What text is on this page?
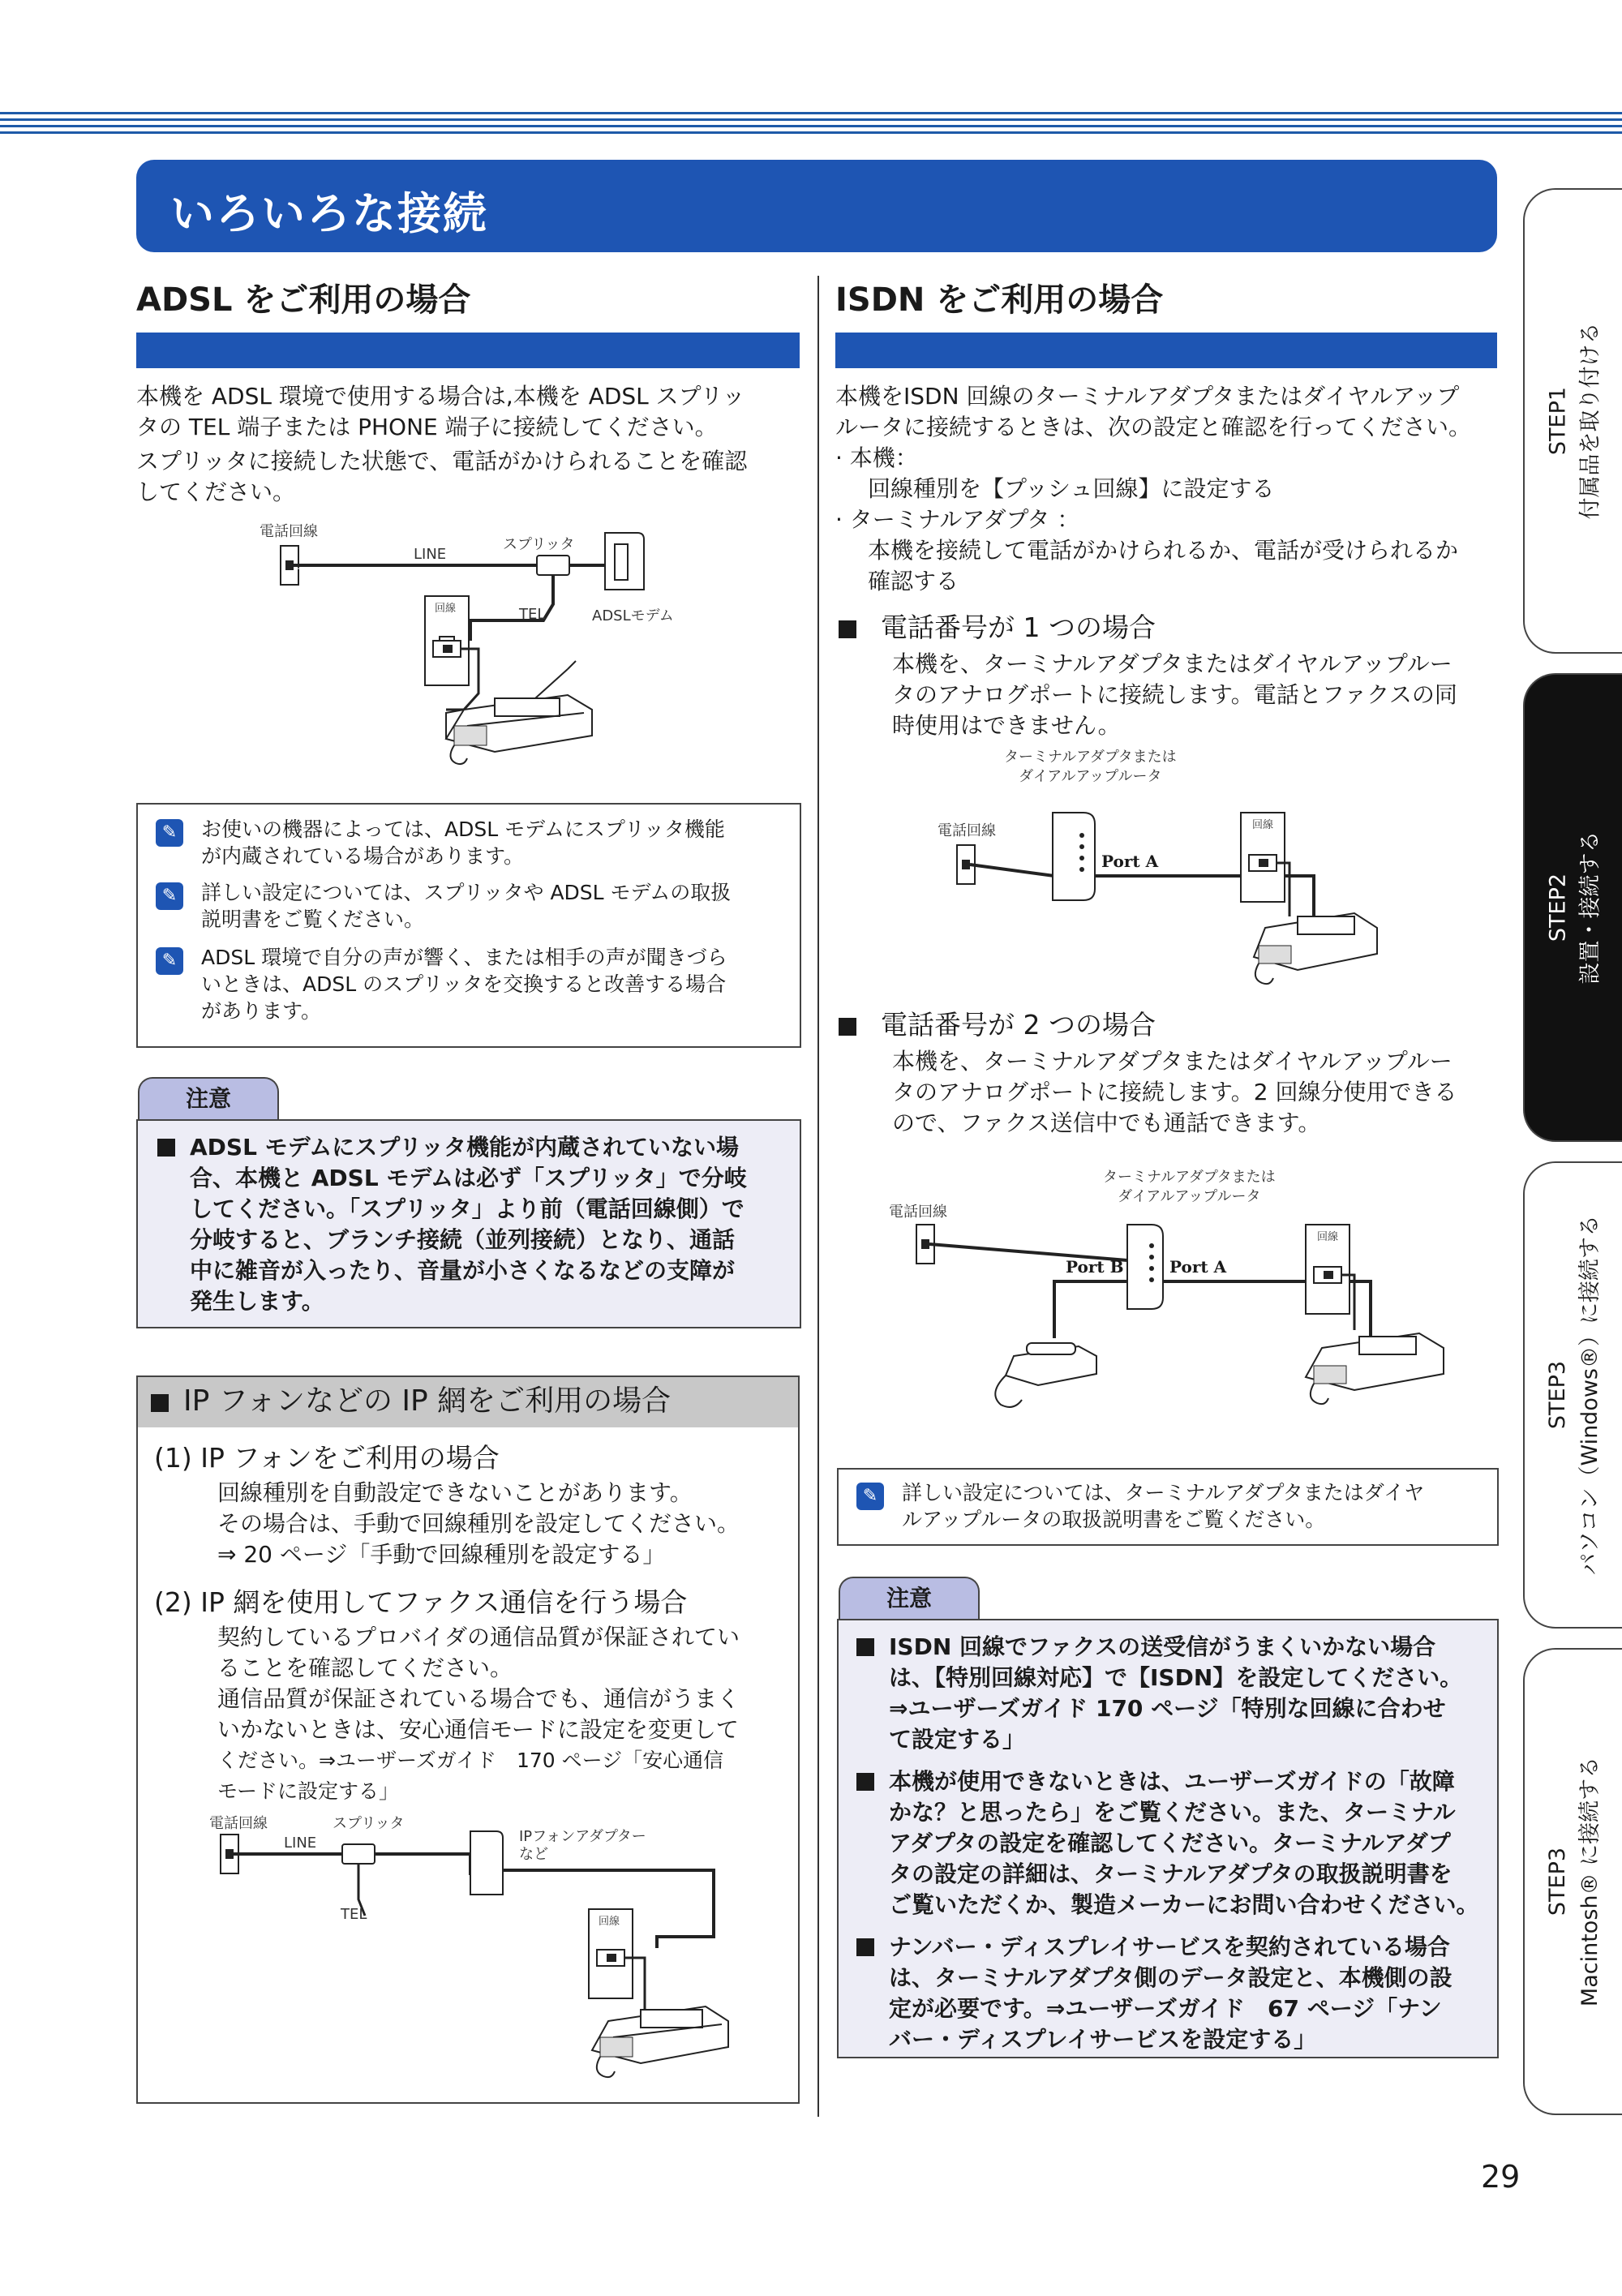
いろいろな接続
ADSL をご利用の場合
本機を ADSL 環境で使用する場合は,本機を ADSL スプリッ
タの TEL 端子または PHONE 端子に接続してください。
スプリッタに接続した状態で、電話がかけられることを確認
してください。
電話回線
LINE
スプリッタ
TEL	ADSLモデム
回線
✎	お使いの機器によっては、ADSL モデムにスプリッタ機能
が内蔵されている場合があります。
✎	詳しい設定については、スプリッタや ADSL モデムの取扱
説明書をご覧ください。
✎	ADSL 環境で自分の声が響く、または相手の声が聞きづら
いときは、ADSL のスプリッタを交換すると改善する場合
があります。
注意
ADSL モデムにスプリッタ機能が内蔵されていない場
合、本機と ADSL モデムは必ず「スプリッタ」で分岐
してください。「スプリッタ」より前（電話回線側）で
分岐すると、ブランチ接続（並列接続）となり、通話
中に雑音が入ったり、音量が小さくなるなどの支障が
発生します。
IP フォンなどの IP 網をご利用の場合
(1) IP フォンをご利用の場合
回線種別を自動設定できないことがあります。
その場合は、手動で回線種別を設定してください。
⇒ 20 ページ「手動で回線種別を設定する」
(2) IP 網を使用してファクス通信を行う場合
契約しているプロバイダの通信品質が保証されてい
ることを確認してください。
通信品質が保証されている場合でも、通信がうまく
いかないときは、安心通信モードに設定を変更して
ください。⇒ユーザーズガイド　170 ページ「安心通信
モードに設定する」
電話回線
LINE
スプリッタ
TEL
IPフォンアダプター
など
回線
ISDN をご利用の場合
本機をISDN 回線のターミナルアダプタまたはダイヤルアップ
ルータに接続するときは、次の設定と確認を行ってください。
· 本機：
回線種別を【プッシュ回線】に設定する
· ターミナルアダプタ ：
本機を接続して電話がかけられるか、電話が受けられるか
確認する
電話番号が 1 つの場合
本機を、ターミナルアダプタまたはダイヤルアップルー
タのアナログポートに接続します。電話とファクスの同
時使用はできません。
ターミナルアダプタまたは
ダイアルアップルータ
電話回線
Port A
回線
電話番号が 2 つの場合
本機を、ターミナルアダプタまたはダイヤルアップルー
タのアナログポートに接続します。2 回線分使用できる
ので、ファクス送信中でも通話できます。
ターミナルアダプタまたは
ダイアルアップルータ
電話回線
Port B	Port A
回線
✎	詳しい設定については、ターミナルアダプタまたはダイヤ
ルアップルータの取扱説明書をご覧ください。
注意
ISDN 回線でファクスの送受信がうまくいかない場合
は、【特別回線対応】で【ISDN】を設定してください。
⇒ユーザーズガイド 170 ページ「特別な回線に合わせ
て設定する」
本機が使用できないときは、ユーザーズガイドの「故障
かな？と思ったら」をご覧ください。また、ターミナル
アダプタの設定を確認してください。ターミナルアダプ
タの設定の詳細は、ターミナルアダプタの取扱説明書を
ご覧いただくか、製造メーカーにお問い合わせください。
ナンバー・ディスプレイサービスを契約されている場合
は、ターミナルアダプタ側のデータ設定と、本機側の設
定が必要です。⇒ユーザーズガイド　67 ページ「ナン
バー・ディスプレイサービスを設定する」
STEP1 付属品を取り付ける
STEP2 設置・接続する
STEP3 パソコン（Windows®）に接続する
STEP3 Macintosh® に接続する
29
